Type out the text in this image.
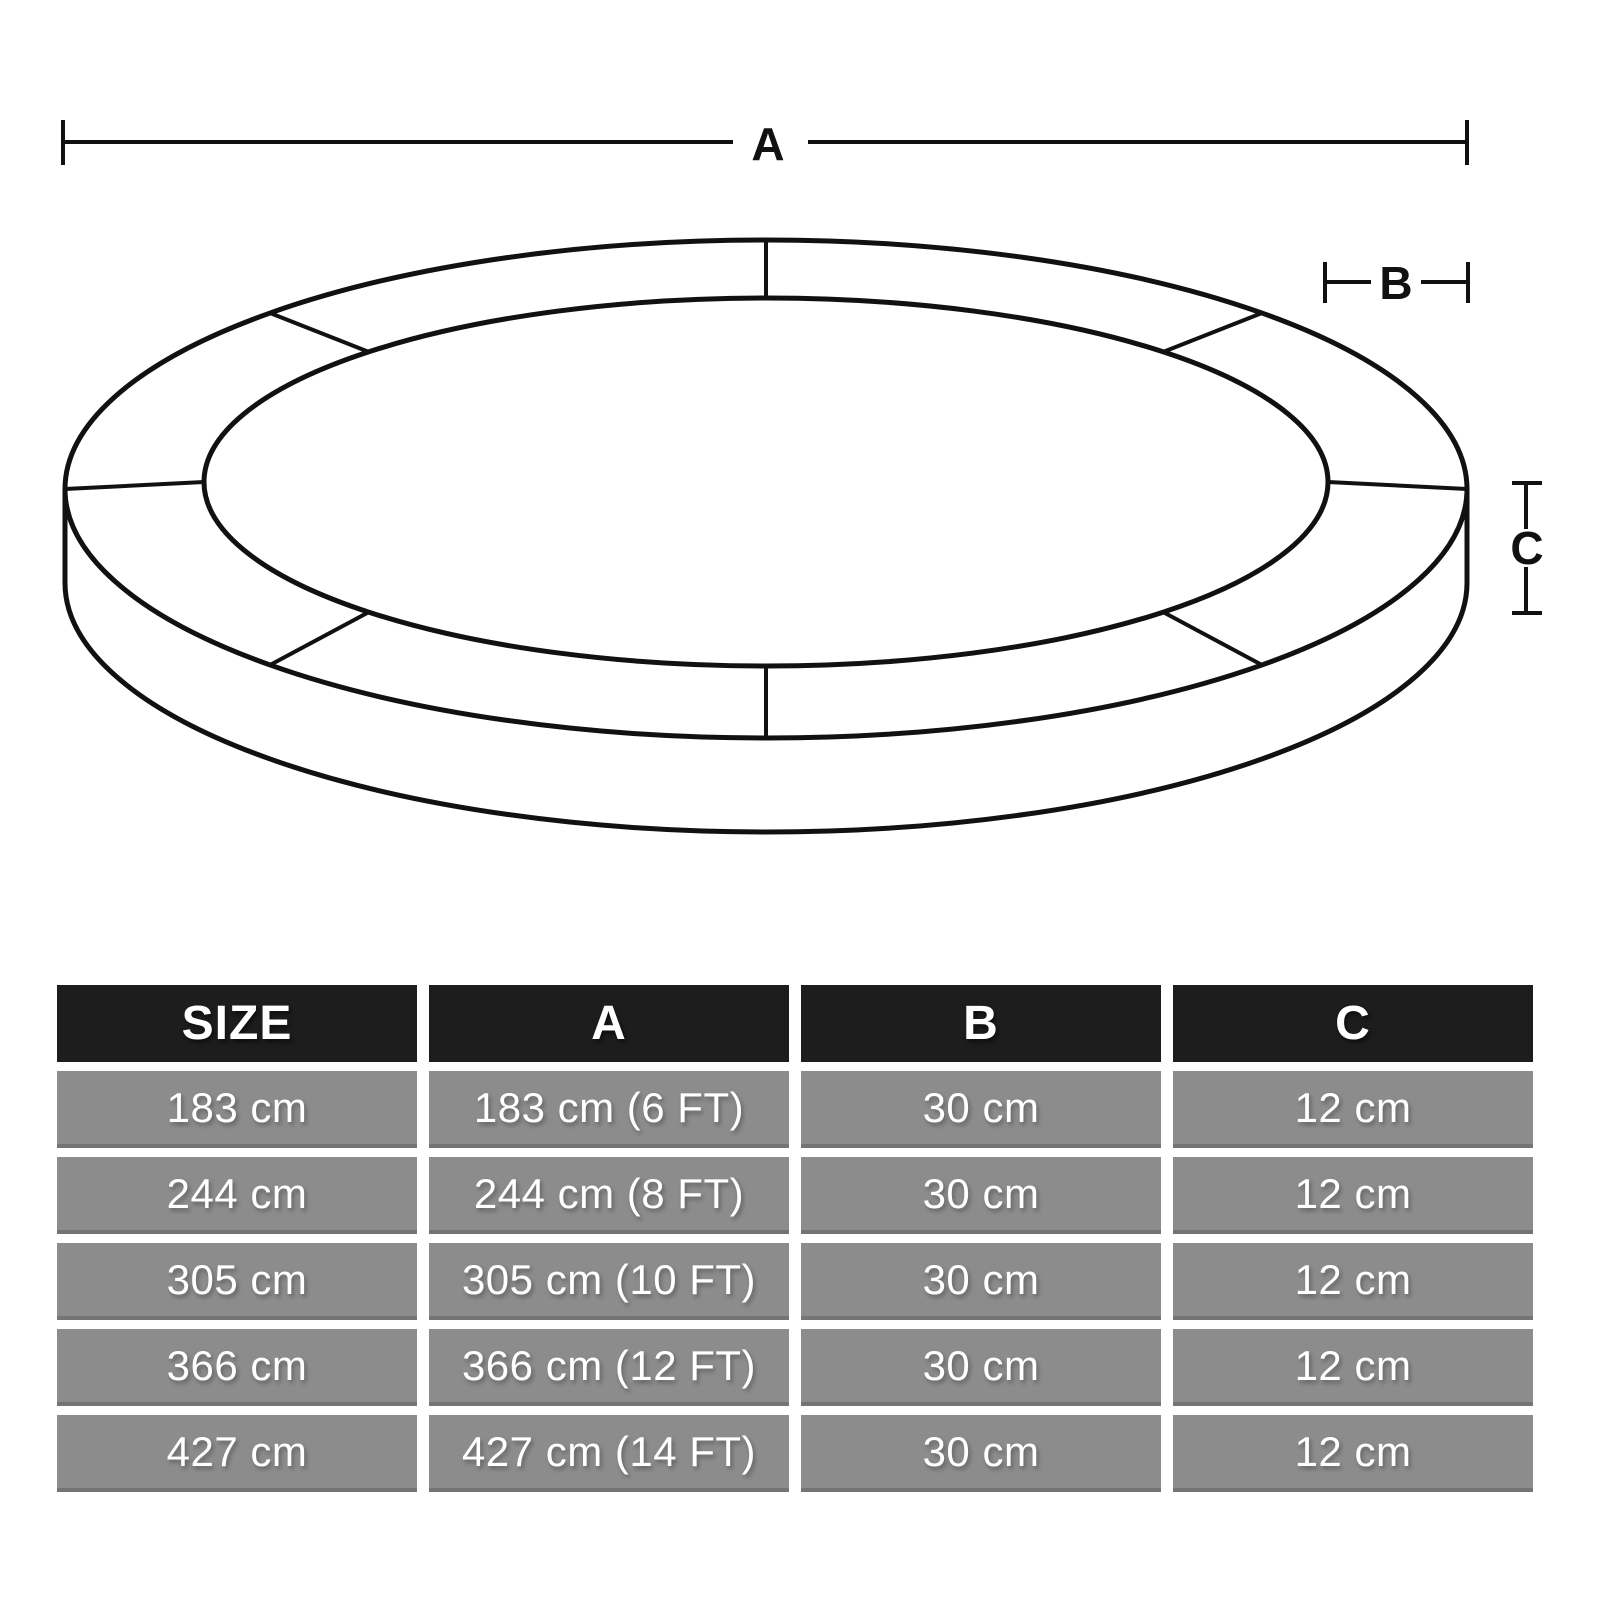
A
B
C
SIZE	A	B	C
183 cm	183 cm (6 FT)	30 cm	12 cm
244 cm	244 cm (8 FT)	30 cm	12 cm
305 cm	305 cm (10 FT)	30 cm	12 cm
366 cm	366 cm (12 FT)	30 cm	12 cm
427 cm	427 cm (14 FT)	30 cm	12 cm
